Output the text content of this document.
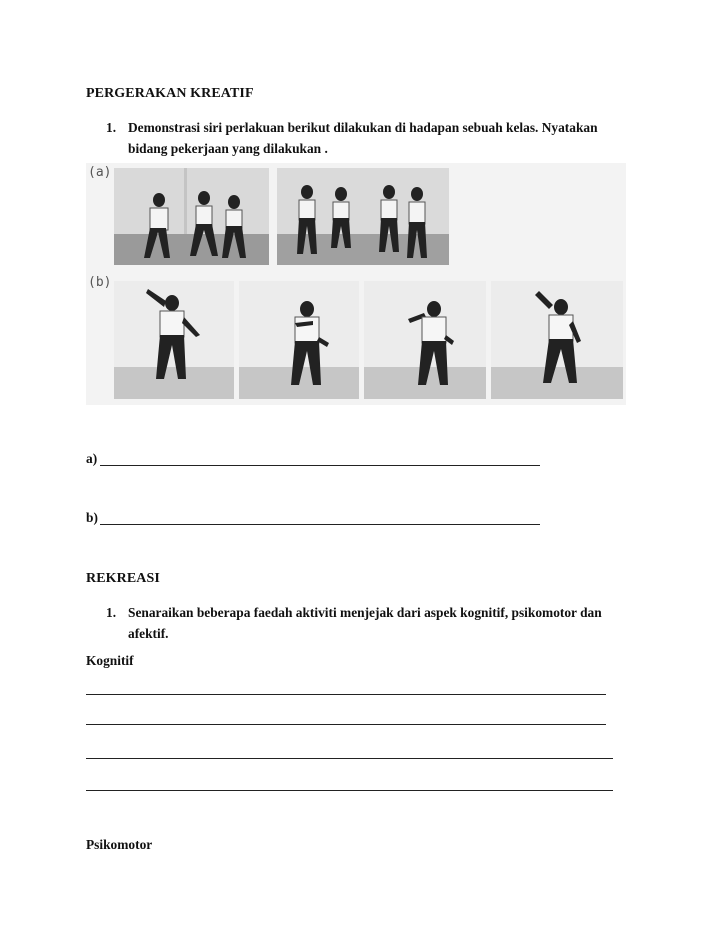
PERGERAKAN KREATIF
1. Demonstrasi siri perlakuan berikut dilakukan di hadapan sebuah kelas. Nyatakan
bidang pekerjaan yang dilakukan .
(a)
(b)
a)
b)
REKREASI
1. Senaraikan beberapa faedah aktiviti menjejak dari aspek kognitif, psikomotor dan
afektif.
Kognitif
Psikomotor
